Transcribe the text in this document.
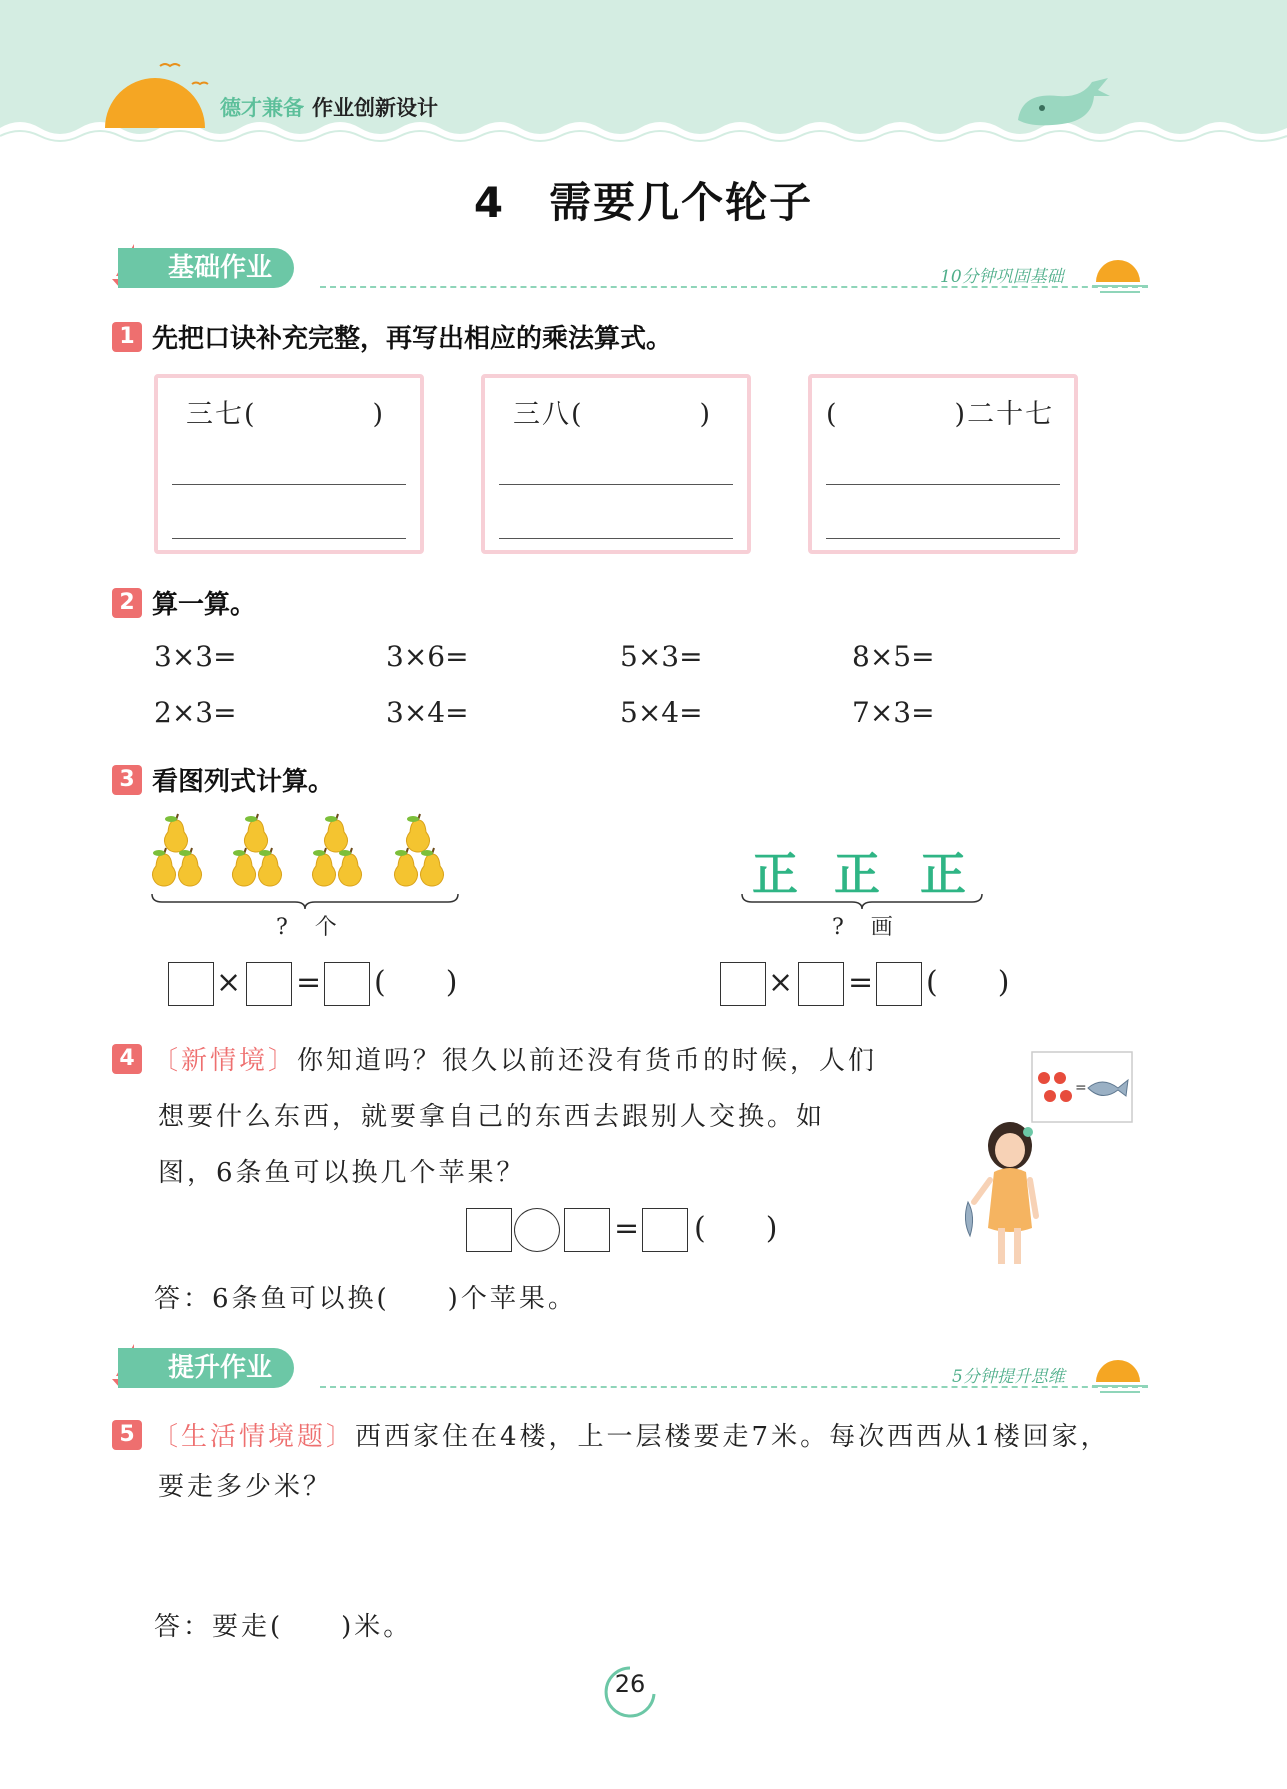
德才兼备 作业创新设计
4　需要几个轮子
基础作业	10分钟巩固基础
1 先把口诀补充完整，再写出相应的乘法算式。
三七(　　　　)	三八(　　　　)	(　　　　)二十七
2 算一算。
3×3=	3×6=	5×3=	8×5=
2×3=	3×4=	5×4=	7×3=
3 看图列式计算。
? 个
正 正 正
? 画
× = (　　)	× = (　　)
4 〔新情境〕你知道吗？很久以前还没有货币的时候，人们
想要什么东西，就要拿自己的东西去跟别人交换。如
图，6条鱼可以换几个苹果？
=
= (　　)
答：6条鱼可以换(　　)个苹果。
提升作业	5分钟提升思维
5 〔生活情境题〕西西家住在4楼，上一层楼要走7米。每次西西从1楼回家，
要走多少米？
答：要走(　　)米。
26
